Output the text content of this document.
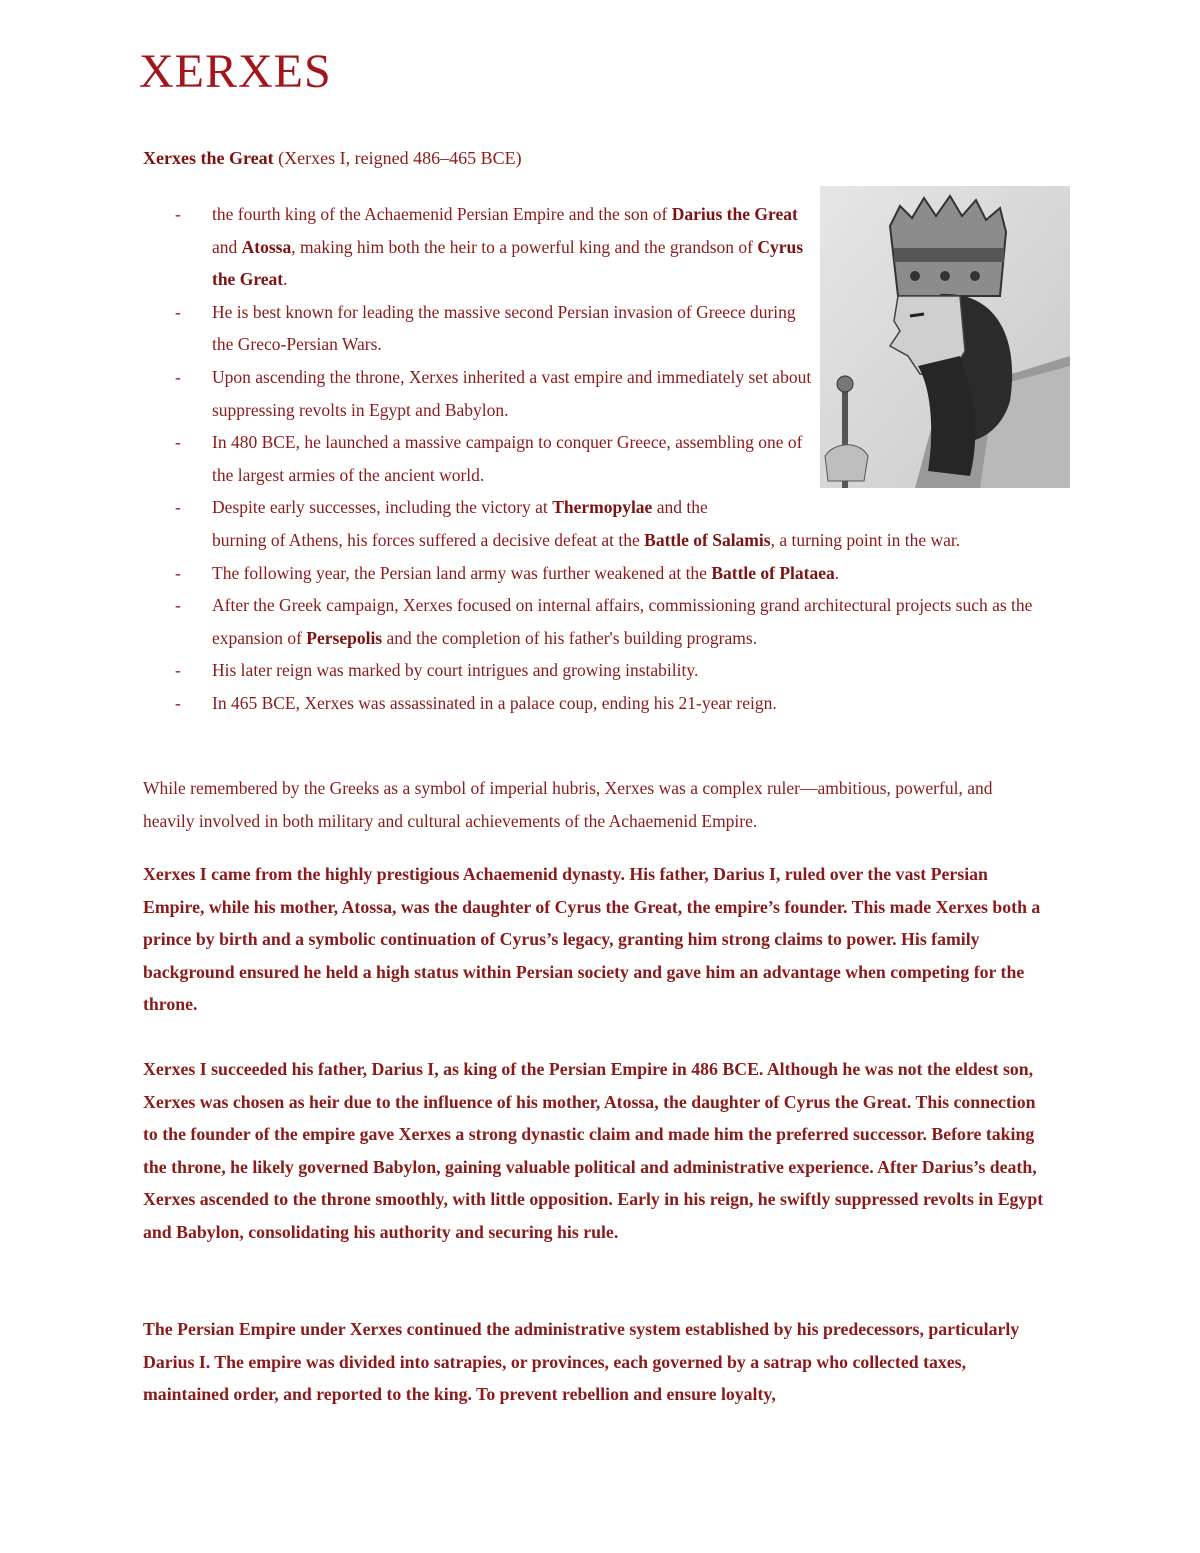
XERXES
Xerxes the Great (Xerxes I, reigned 486–465 BCE)
- the fourth king of the Achaemenid Persian Empire and the son of Darius the Great and Atossa, making him both the heir to a powerful king and the grandson of Cyrus the Great.
- He is best known for leading the massive second Persian invasion of Greece during the Greco-Persian Wars.
- Upon ascending the throne, Xerxes inherited a vast empire and immediately set about suppressing revolts in Egypt and Babylon.
- In 480 BCE, he launched a massive campaign to conquer Greece, assembling one of the largest armies of the ancient world.
- Despite early successes, including the victory at Thermopylae and the
burning of Athens, his forces suffered a decisive defeat at the Battle of Salamis, a turning point in the war.
- The following year, the Persian land army was further weakened at the Battle of Plataea.
- After the Greek campaign, Xerxes focused on internal affairs, commissioning grand architectural projects such as the expansion of Persepolis and the completion of his father's building programs.
- His later reign was marked by court intrigues and growing instability.
- In 465 BCE, Xerxes was assassinated in a palace coup, ending his 21-year reign.

While remembered by the Greeks as a symbol of imperial hubris, Xerxes was a complex ruler—ambitious, powerful, and heavily involved in both military and cultural achievements of the Achaemenid Empire.

Xerxes I came from the highly prestigious Achaemenid dynasty. His father, Darius I, ruled over the vast Persian Empire, while his mother, Atossa, was the daughter of Cyrus the Great, the empire’s founder. This made Xerxes both a prince by birth and a symbolic continuation of Cyrus’s legacy, granting him strong claims to power. His family background ensured he held a high status within Persian society and gave him an advantage when competing for the throne.

Xerxes I succeeded his father, Darius I, as king of the Persian Empire in 486 BCE. Although he was not the eldest son, Xerxes was chosen as heir due to the influence of his mother, Atossa, the daughter of Cyrus the Great. This connection to the founder of the empire gave Xerxes a strong dynastic claim and made him the preferred successor. Before taking the throne, he likely governed Babylon, gaining valuable political and administrative experience. After Darius’s death, Xerxes ascended to the throne smoothly, with little opposition. Early in his reign, he swiftly suppressed revolts in Egypt and Babylon, consolidating his authority and securing his rule.

The Persian Empire under Xerxes continued the administrative system established by his predecessors, particularly Darius I. The empire was divided into satrapies, or provinces, each governed by a satrap who collected taxes, maintained order, and reported to the king. To prevent rebellion and ensure loyalty,
